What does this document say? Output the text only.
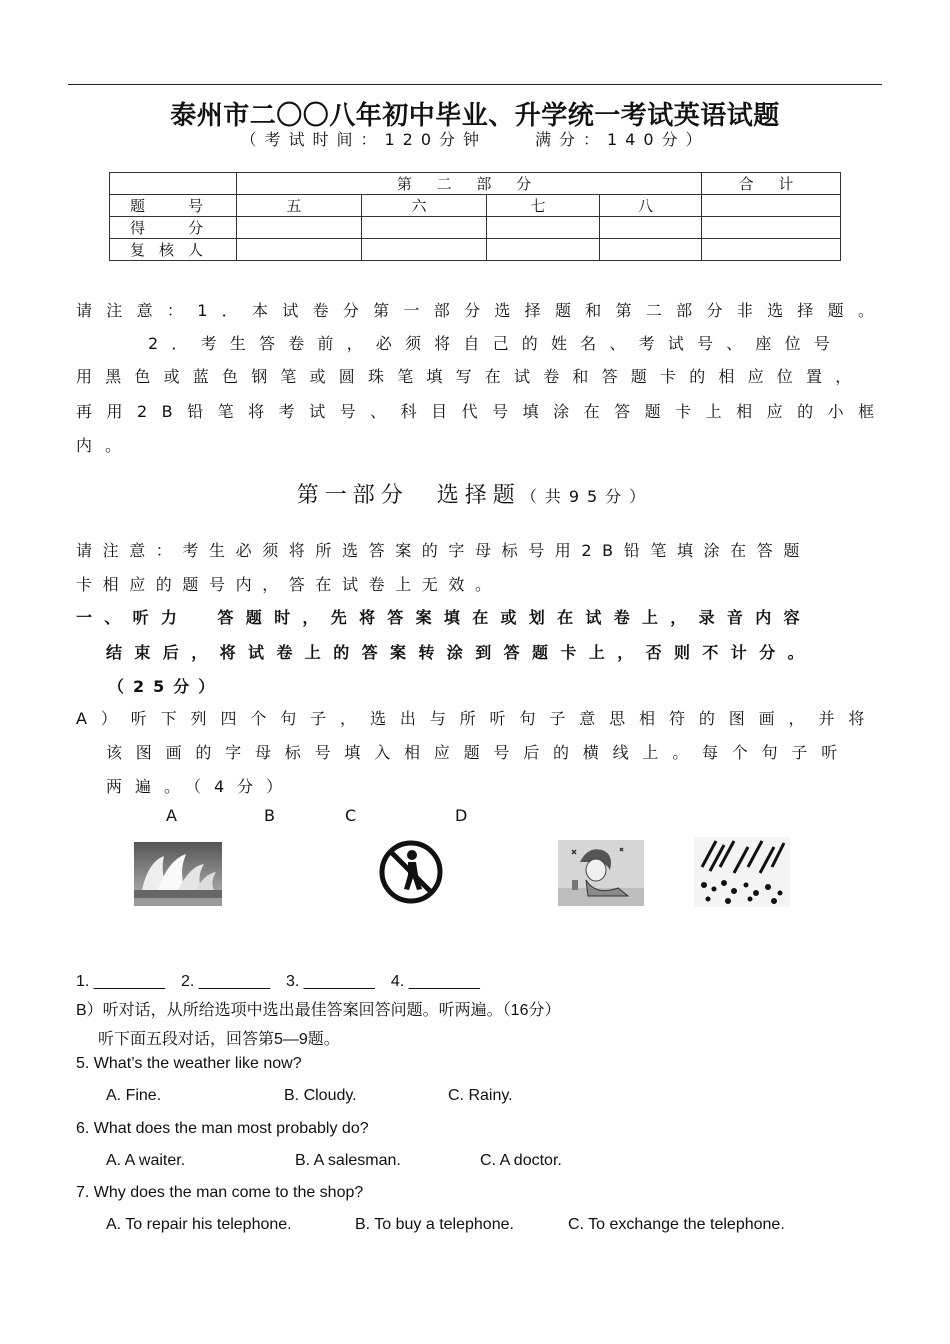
泰州市二〇〇八年初中毕业、升学统一考试英语试题
（考试时间：120分钟　　满分：140分）
	第 二 部 分				合 计
题　号	五	六	七	八	
得　分					
复核人					
请注意：1．本试卷分第一部分选择题和第二部分非选择题。
2．考生答卷前，必须将自己的姓名、考试号、座位号
用黑色或蓝色钢笔或圆珠笔填写在试卷和答题卡的相应位置，
再用2B铅笔将考试号、科目代号填涂在答题卡上相应的小框
内。
第一部分　选择题（共95分）
请注意：考生必须将所选答案的字母标号用2B铅笔填涂在答题
卡相应的题号内，答在试卷上无效。
一、听力　答题时，先将答案填在或划在试卷上，录音内容
结束后，将试卷上的答案转涂到答题卡上，否则不计分。
（25分）
A）听下列四个句子，选出与所听句子意思相符的图画，并将
该图画的字母标号填入相应题号后的横线上。每个句子听
两遍。（4分）
A	B	C	D
1. ________　2. ________　3. ________　4. ________
B）听对话，从所给选项中选出最佳答案回答问题。听两遍。（16分）
听下面五段对话，回答第5—9题。
5. What’s the weather like now?
A. Fine.	B. Cloudy.	C. Rainy.
6. What does the man most probably do?
A. A waiter.	B. A salesman.	C. A doctor.
7. Why does the man come to the shop?
A. To repair his telephone.	B. To buy a telephone.	C. To exchange the telephone.
